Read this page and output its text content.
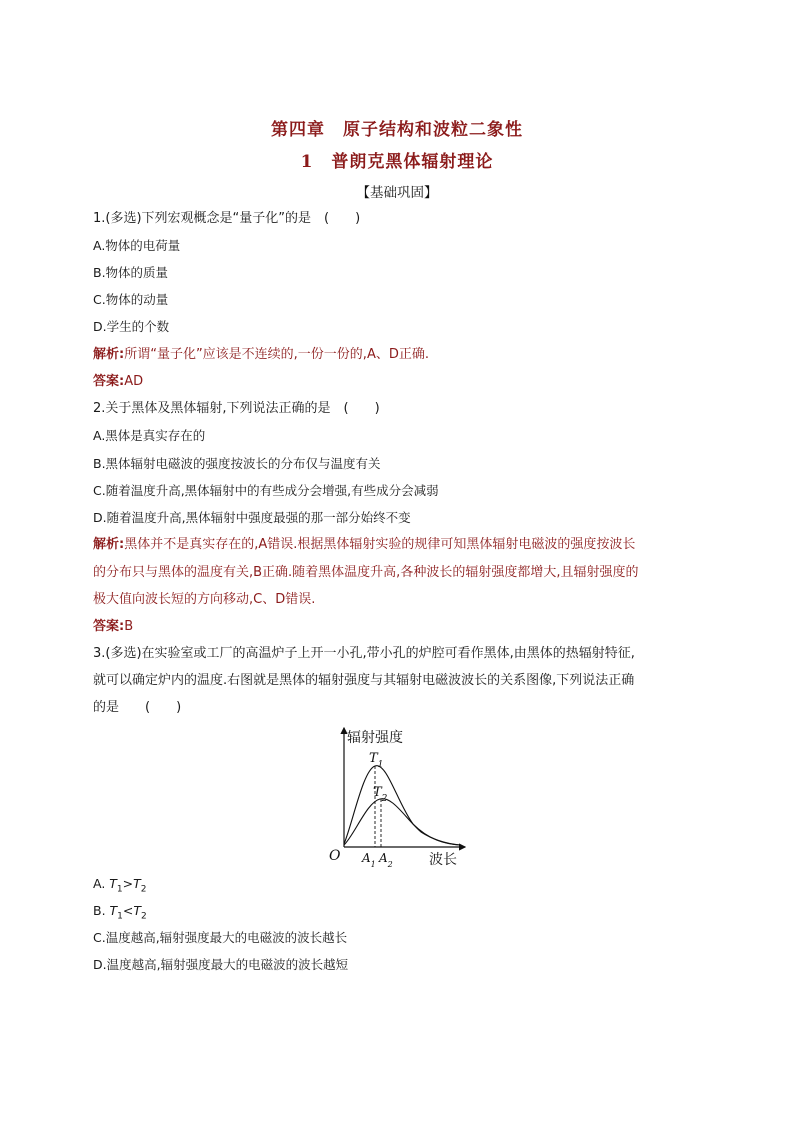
第四章　原子结构和波粒二象性
1　普朗克黑体辐射理论
【基础巩固】
1.(多选)下列宏观概念是“量子化”的是　(　　)
A.物体的电荷量
B.物体的质量
C.物体的动量
D.学生的个数
解析:所谓“量子化”应该是不连续的,一份一份的,A、D正确.
答案:AD
2.关于黑体及黑体辐射,下列说法正确的是　(　　)
A.黑体是真实存在的
B.黑体辐射电磁波的强度按波长的分布仅与温度有关
C.随着温度升高,黑体辐射中的有些成分会增强,有些成分会减弱
D.随着温度升高,黑体辐射中强度最强的那一部分始终不变
解析:黑体并不是真实存在的,A错误.根据黑体辐射实验的规律可知黑体辐射电磁波的强度按波长
的分布只与黑体的温度有关,B正确.随着黑体温度升高,各种波长的辐射强度都增大,且辐射强度的
极大值向波长短的方向移动,C、D错误.
答案:B
3.(多选)在实验室或工厂的高温炉子上开一小孔,带小孔的炉腔可看作黑体,由黑体的热辐射特征,
就可以确定炉内的温度.右图就是黑体的辐射强度与其辐射电磁波波长的关系图像,下列说法正确
的是　　(　　)
辐射强度
波长
O
$T_1$
$T_2$
$A_1$ $A_2$
A. $T_1>T_2$
B. $T_1<T_2$
C.温度越高,辐射强度最大的电磁波的波长越长
D.温度越高,辐射强度最大的电磁波的波长越短
